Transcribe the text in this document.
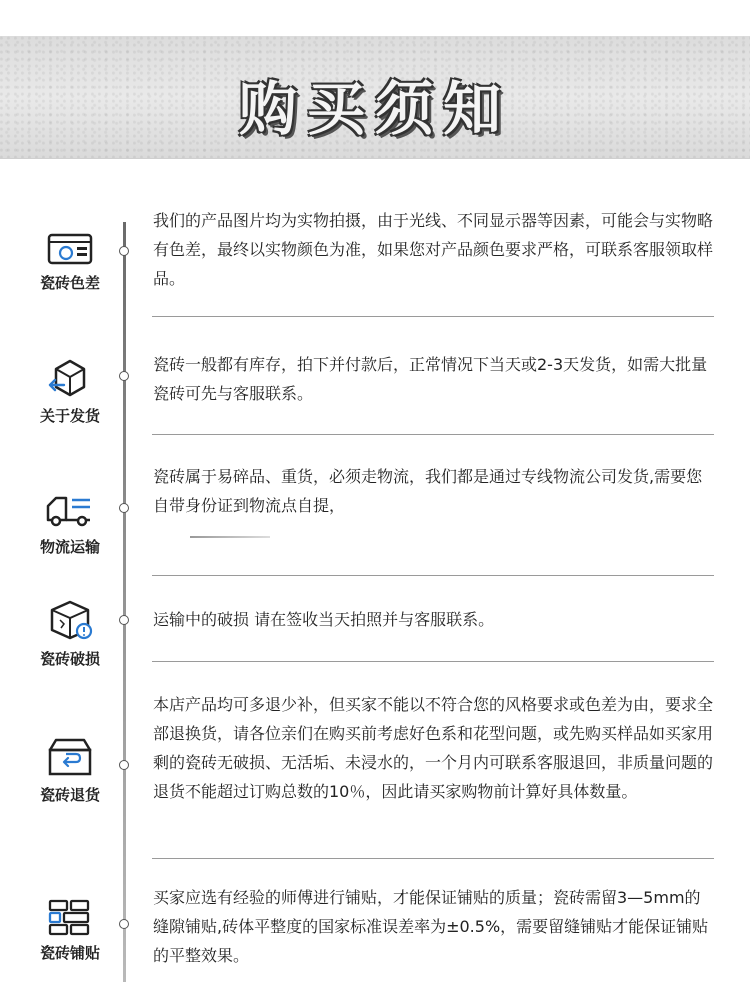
购买须知
瓷砖色差
我们的产品图片均为实物拍摄，由于光线、不同显示器等因素，可能会与实物略有色差，最终以实物颜色为准，如果您对产品颜色要求严格，可联系客服领取样品。
关于发货
瓷砖一般都有库存，拍下并付款后，正常情况下当天或2-3天发货，如需大批量瓷砖可先与客服联系。
物流运输
瓷砖属于易碎品、重货，必须走物流，我们都是通过专线物流公司发货,需要您自带身份证到物流点自提，
瓷砖破损
运输中的破损 请在签收当天拍照并与客服联系。
瓷砖退货
本店产品均可多退少补，但买家不能以不符合您的风格要求或色差为由，要求全部退换货，请各位亲们在购买前考虑好色系和花型问题，或先购买样品如买家用剩的瓷砖无破损、无活垢、未浸水的，一个月内可联系客服退回，非质量问题的退货不能超过订购总数的10％，因此请买家购物前计算好具体数量。
瓷砖铺贴
买家应选有经验的师傅进行铺贴，才能保证铺贴的质量；瓷砖需留3—5mm的缝隙铺贴,砖体平整度的国家标准误差率为±0.5%，需要留缝铺贴才能保证铺贴的平整效果。
